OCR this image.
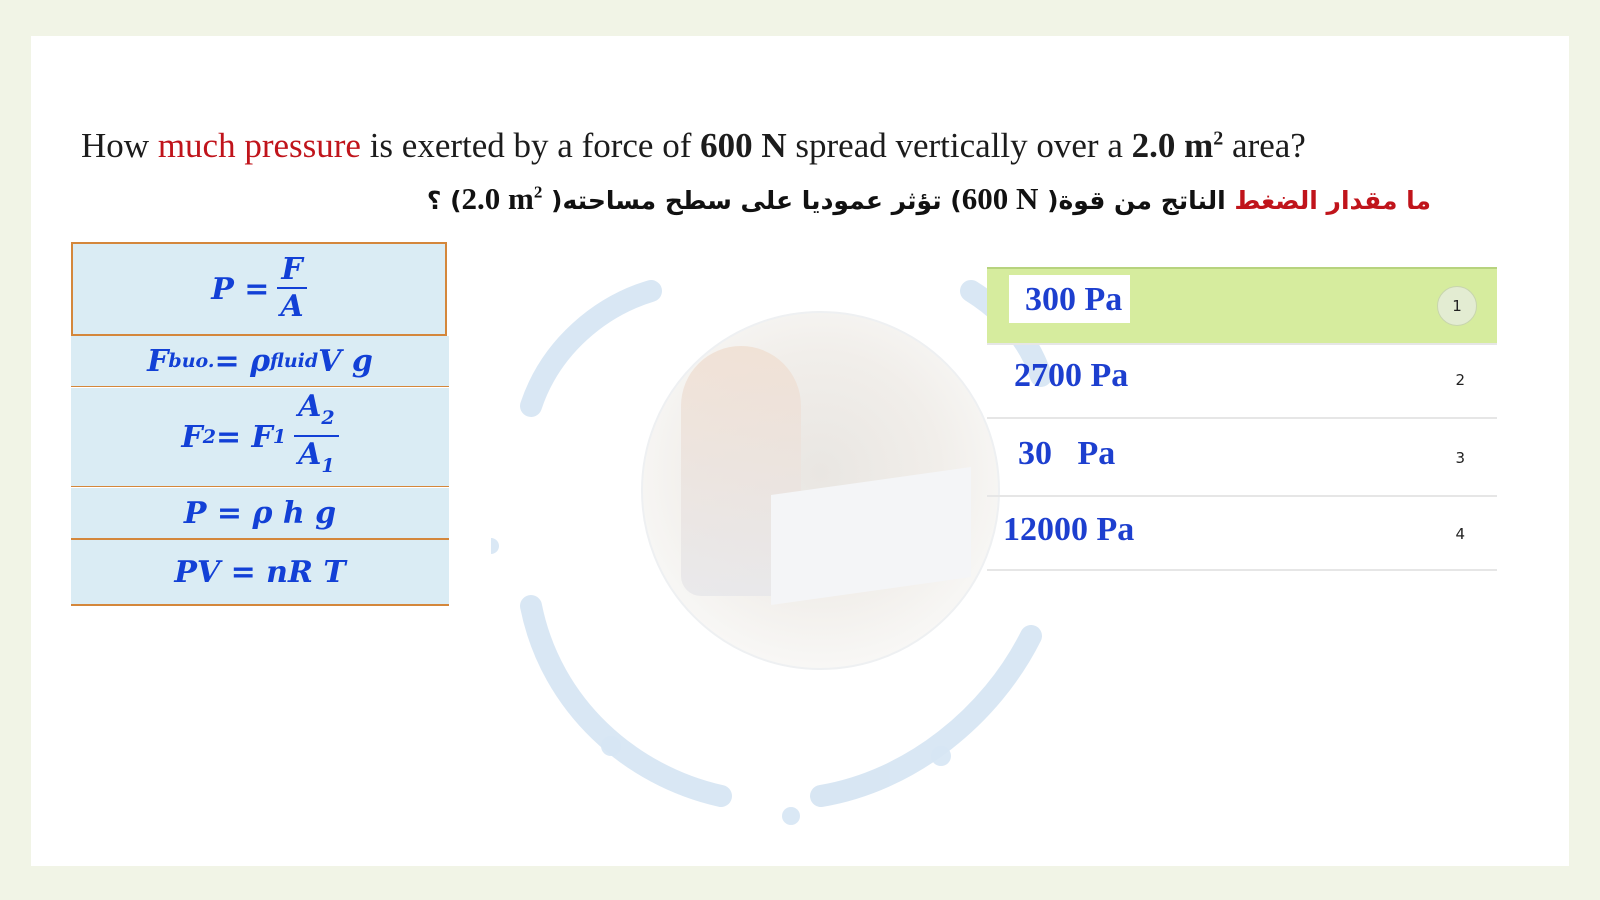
How much pressure is exerted by a force of 600 N spread vertically over a 2.0 $m^2$ area?
ما مقدار الضغط الناتج من قوة( 600 N) تؤثر عموديا على سطح مساحته( 2.0 $m^2$) ؟
$P = \frac{F}{A}$
F buo. = ρ fluid V g
F 2 = F $1 \frac{A_2}{A_1}$
P = ρ h g
PV = nR T
300 Pa	1
2700 Pa	2
30   Pa	3
12000 Pa	4
